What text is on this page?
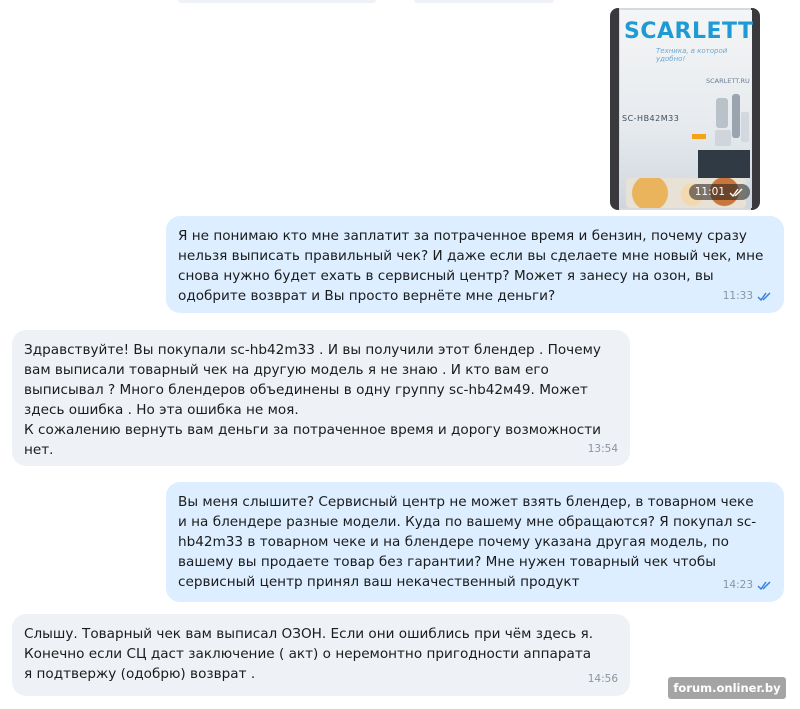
SCARLETT
Техника, в которой удобно!
SCARLETT.RU
SC-HB42M33
11:01
Я не понимаю кто мне заплатит за потраченное время и бензин, почему сразу
нельзя выписать правильный чек? И даже если вы сделаете мне новый чек, мне
снова нужно будет ехать в сервисный центр? Может я занесу на озон, вы
одобрите возврат и Вы просто вернёте мне деньги?	11:33
Здравствуйте! Вы покупали sc-hb42m33 . И вы получили этот блендер . Почему
вам выписали товарный чек на другую модель я не знаю . И кто вам его
выписывал ? Много блендеров объединены в одну группу sc-hb42м49. Может
здесь ошибка . Но эта ошибка не моя.
К сожалению вернуть вам деньги за потраченное время и дорогу возможности
нет.	13:54
Вы меня слышите? Сервисный центр не может взять блендер, в товарном чеке
и на блендере разные модели. Куда по вашему мне обращаются? Я покупал sc-
hb42m33 в товарном чеке и на блендере почему указана другая модель, по
вашему вы продаете товар без гарантии? Мне нужен товарный чек чтобы
сервисный центр принял ваш некачественный продукт	14:23
Слышу. Товарный чек вам выписал ОЗОН. Если они ошиблись при чём здесь я.
Конечно если СЦ даст заключение ( акт) о неремонтно пригодности аппарата
я подтвержу (одобрю) возврат .	14:56
forum.onliner.by
